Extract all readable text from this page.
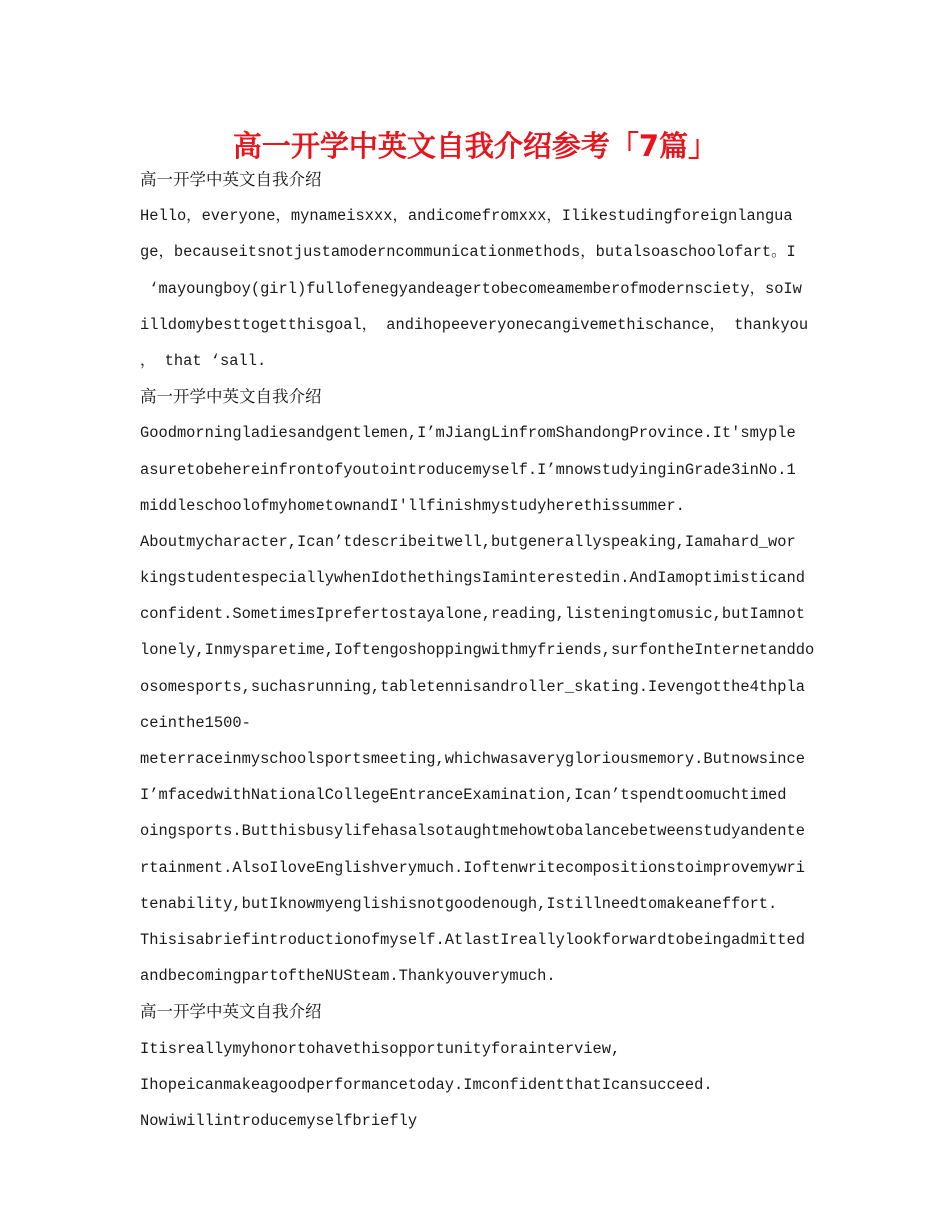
高一开学中英文自我介绍参考「7篇」
高一开学中英文自我介绍
Hello，everyone，mynameisxxx，andicomefromxxx，Ilikestudingforeignlangua
ge，becauseitsnotjustamoderncommunicationmethods，butalsoaschoolofart。I
‘mayoungboy(girl)fullofenegyandeagertobecomeamemberofmodernsciety，soIw
illdomybesttogetthisgoal， andihopeeveryonecangivemethischance， thankyou
， that ‘sall.
高一开学中英文自我介绍
Goodmorningladiesandgentlemen,I’mJiangLinfromShandongProvince.It'smyple
asuretobehereinfrontofyoutointroducemyself.I’mnowstudyinginGrade3inNo.1
middleschoolofmyhometownandI'llfinishmystudyherethissummer.
Aboutmycharacter,Ican’tdescribeitwell,butgenerallyspeaking,Iamahard_wor
kingstudentespeciallywhenIdothethingsIaminterestedin.AndIamoptimisticand
confident.SometimesIprefertostayalone,reading,listeningtomusic,butIamnot
lonely,Inmysparetime,Ioftengoshoppingwithmyfriends,surfontheInternetanddo
osomesports,suchasrunning,tabletennisandroller_skating.Ievengotthe4thpla
ceinthe1500-
meterraceinmyschoolsportsmeeting,whichwasaverygloriousmemory.Butnowsince
I’mfacedwithNationalCollegeEntranceExamination,Ican’tspendtoomuchtimed
oingsports.Butthisbusylifehasalsotaughtmehowtobalancebetweenstudyandente
rtainment.AlsoIloveEnglishverymuch.Ioftenwritecompositionstoimprovemywri
tenability,butIknowmyenglishisnotgoodenough,Istillneedtomakeaneffort.
Thisisabriefintroductionofmyself.AtlastIreallylookforwardtobeingadmitted
andbecomingpartoftheNUSteam.Thankyouverymuch.
高一开学中英文自我介绍
Itisreallymyhonortohavethisopportunityforainterview,
Ihopeicanmakeagoodperformancetoday.ImconfidentthatIcansucceed.
Nowiwillintroducemyselfbriefly
